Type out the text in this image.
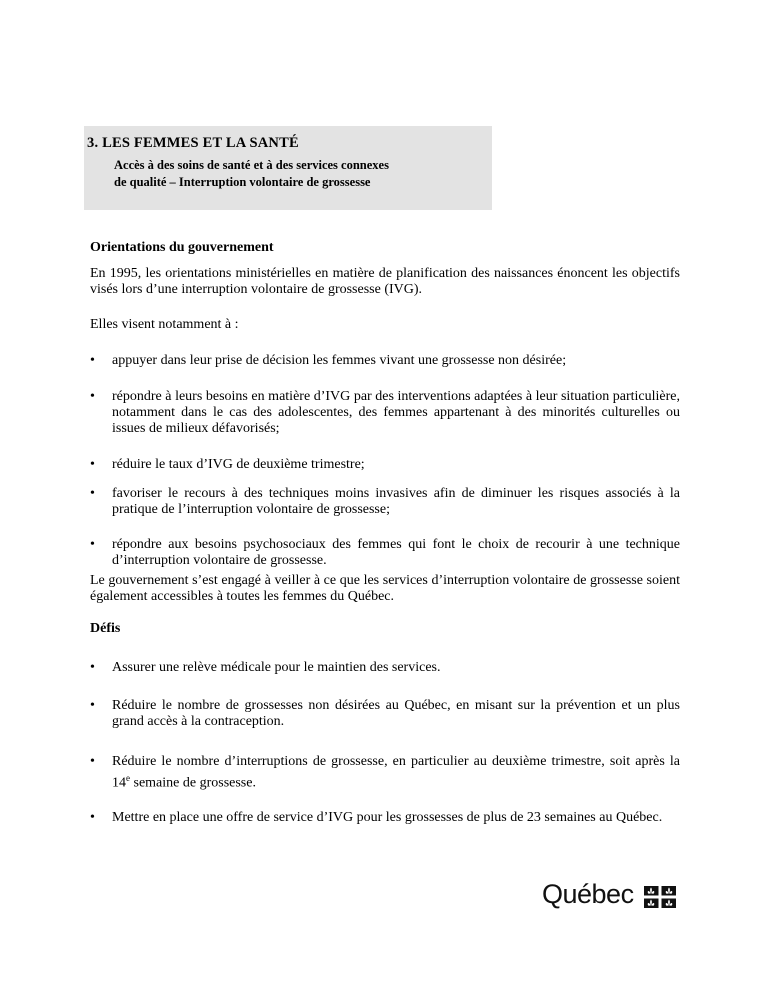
3. LES FEMMES ET LA SANTÉ
Accès à des soins de santé et à des services connexes
de qualité – Interruption volontaire de grossesse
Orientations du gouvernement
En 1995, les orientations ministérielles en matière de planification des naissances énoncent les objectifs visés lors d’une interruption volontaire de grossesse (IVG).
Elles visent notamment à :
•	appuyer dans leur prise de décision les femmes vivant une grossesse non désirée;
•	répondre à leurs besoins en matière d’IVG par des interventions adaptées à leur situation particulière, notamment dans le cas des adolescentes, des femmes appartenant à des minorités culturelles ou issues de milieux défavorisés;
•	réduire le taux d’IVG de deuxième trimestre;
•	favoriser le recours à des techniques moins invasives afin de diminuer les risques associés à la pratique de l’interruption volontaire de grossesse;
•	répondre aux besoins psychosociaux des femmes qui font le choix de recourir à une technique d’interruption volontaire de grossesse.
Le gouvernement s’est engagé à veiller à ce que les services d’interruption volontaire de grossesse soient également accessibles à toutes les femmes du Québec.
Défis
•	Assurer une relève médicale pour le maintien des services.
•	Réduire le nombre de grossesses non désirées au Québec, en misant sur la prévention et un plus grand accès à la contraception.
•	Réduire le nombre d’interruptions de grossesse, en particulier au deuxième trimestre, soit après la 14e semaine de grossesse.
•	Mettre en place une offre de service d’IVG pour les grossesses de plus de 23 semaines au Québec.
Québec
